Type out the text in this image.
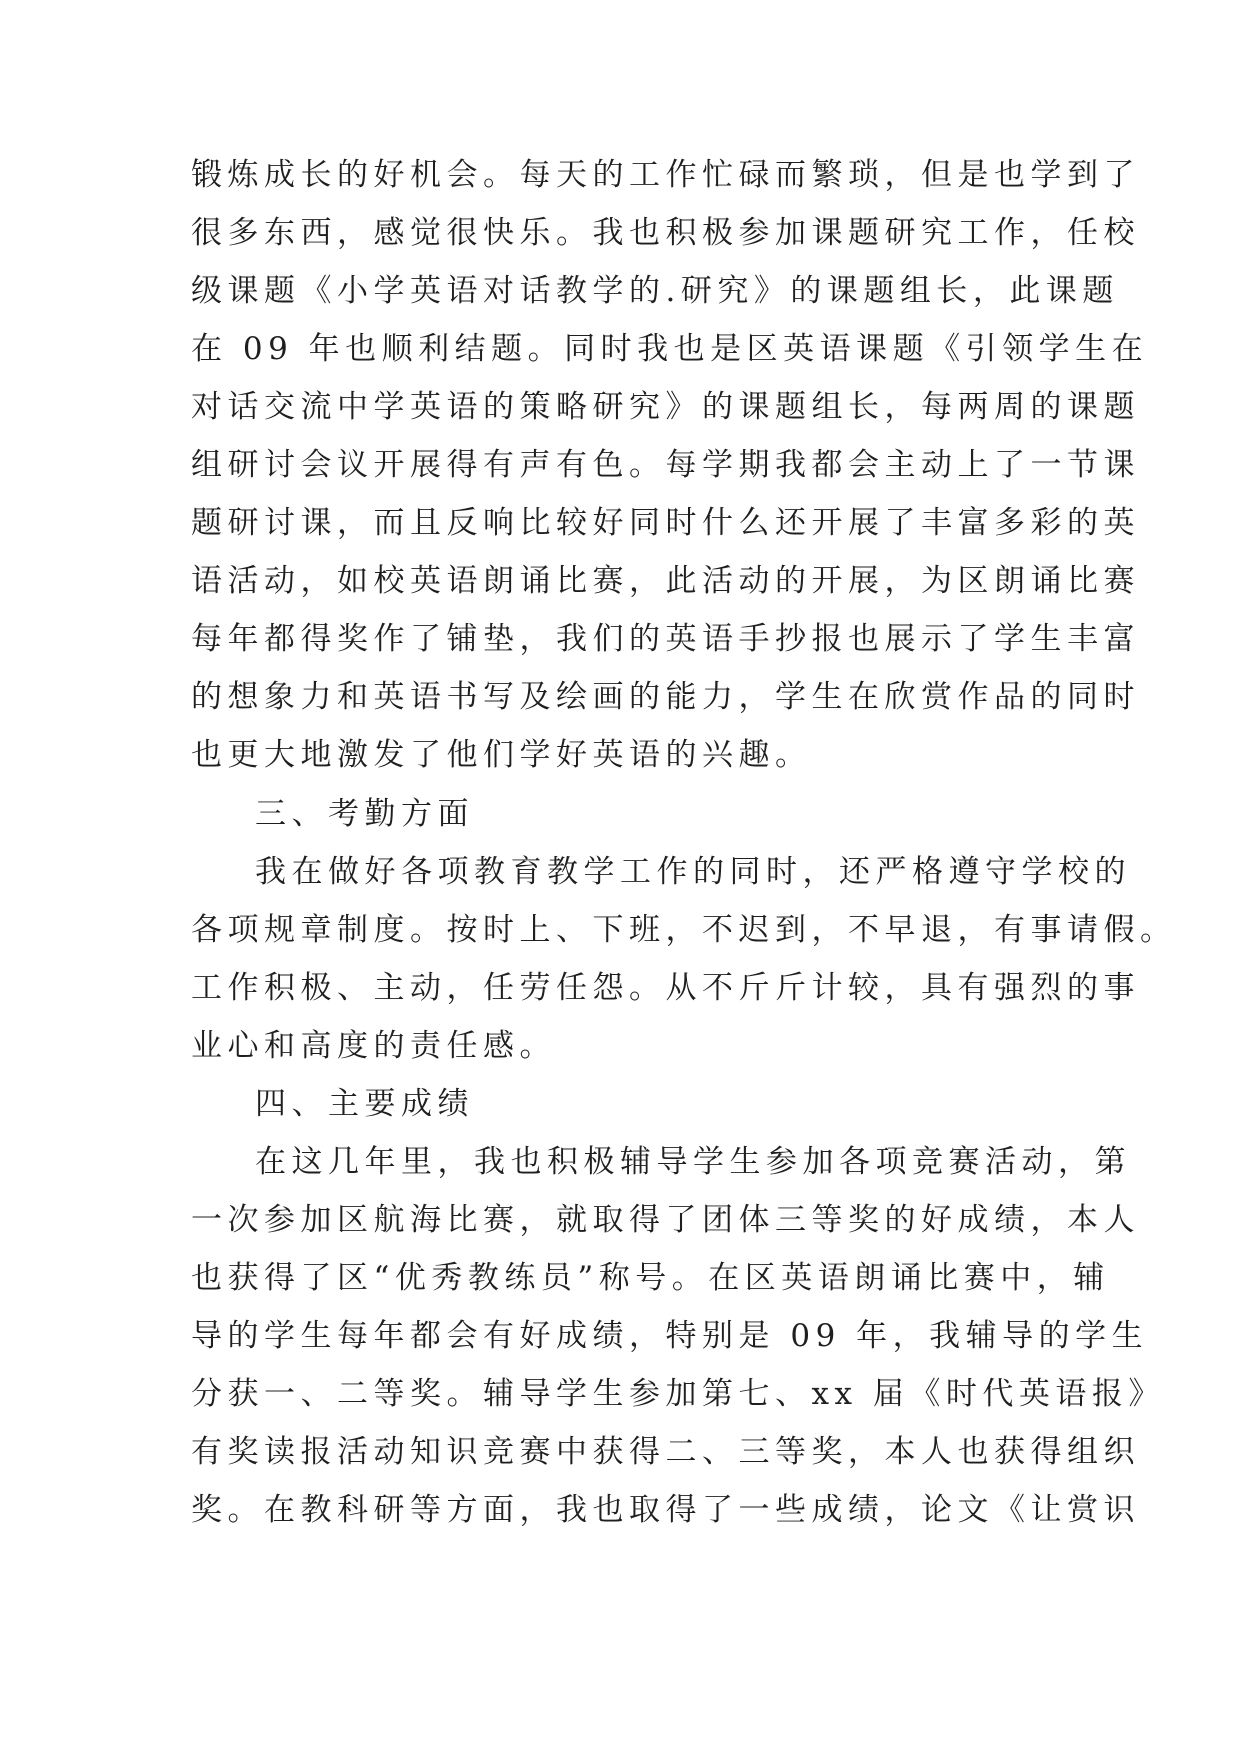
锻炼成长的好机会。每天的工作忙碌而繁琐，但是也学到了
很多东西，感觉很快乐。我也积极参加课题研究工作，任校
级课题《小学英语对话教学的.研究》的课题组长，此课题
在 09 年也顺利结题。同时我也是区英语课题《引领学生在
对话交流中学英语的策略研究》的课题组长，每两周的课题
组研讨会议开展得有声有色。每学期我都会主动上了一节课
题研讨课，而且反响比较好同时什么还开展了丰富多彩的英
语活动，如校英语朗诵比赛，此活动的开展，为区朗诵比赛
每年都得奖作了铺垫，我们的英语手抄报也展示了学生丰富
的想象力和英语书写及绘画的能力，学生在欣赏作品的同时
也更大地激发了他们学好英语的兴趣。
三、考勤方面
我在做好各项教育教学工作的同时，还严格遵守学校的
各项规章制度。按时上、下班，不迟到，不早退，有事请假。
工作积极、主动，任劳任怨。从不斤斤计较，具有强烈的事
业心和高度的责任感。
四、主要成绩
在这几年里，我也积极辅导学生参加各项竞赛活动，第
一次参加区航海比赛，就取得了团体三等奖的好成绩，本人
也获得了区“优秀教练员”称号。在区英语朗诵比赛中，辅
导的学生每年都会有好成绩，特别是 09 年，我辅导的学生
分获一、二等奖。辅导学生参加第七、xx 届《时代英语报》
有奖读报活动知识竞赛中获得二、三等奖，本人也获得组织
奖。在教科研等方面，我也取得了一些成绩，论文《让赏识
